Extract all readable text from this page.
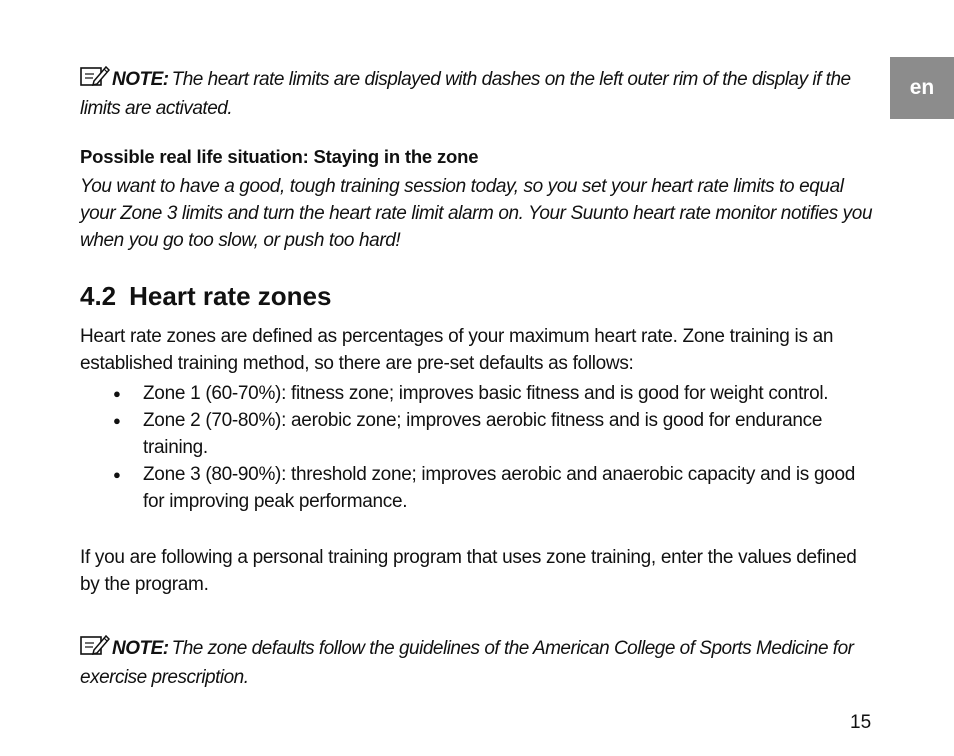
en
NOTE: The heart rate limits are displayed with dashes on the left outer rim of the display if the limits are activated.
Possible real life situation: Staying in the zone
You want to have a good, tough training session today, so you set your heart rate limits to equal your Zone 3 limits and turn the heart rate limit alarm on. Your Suunto heart rate monitor notifies you when you go too slow, or push too hard!
4.2 Heart rate zones
Heart rate zones are defined as percentages of your maximum heart rate. Zone training is an established training method, so there are pre-set defaults as follows:
● Zone 1 (60-70%): fitness zone; improves basic fitness and is good for weight control.
● Zone 2 (70-80%): aerobic zone; improves aerobic fitness and is good for endurance training.
● Zone 3 (80-90%): threshold zone; improves aerobic and anaerobic capacity and is good for improving peak performance.
If you are following a personal training program that uses zone training, enter the values defined by the program.
NOTE: The zone defaults follow the guidelines of the American College of Sports Medicine for exercise prescription.
15
